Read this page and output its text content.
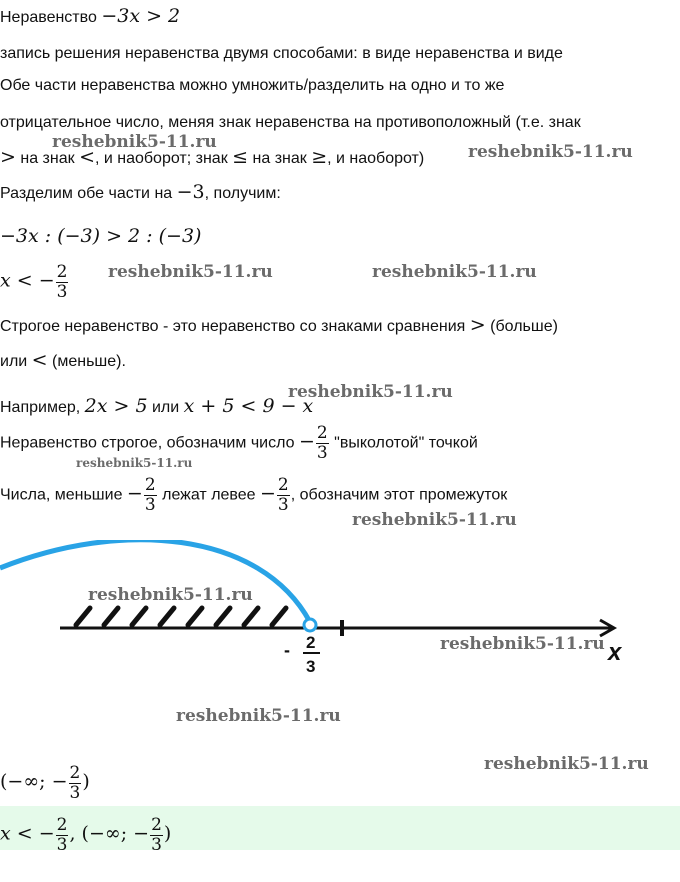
Неравенство −3x > 2
запись решения неравенства двумя способами: в виде неравенства и виде
Обе части неравенства можно умножить/разделить на одно и то же
отрицательное число, меняя знак неравенства на противоположный (т.е. знак
> на знак <, и наоборот; знак ≤ на знак ≥, и наоборот)
Разделим обе части на −3, получим:
−3x : (−3) > 2 : (−3)
x < − $\frac{2}{3}$
Строгое неравенство - это неравенство со знаками сравнения > (больше)
или < (меньше).
Например, 2x > 5 или x + 5 < 9 − x
Неравенство строгое, обозначим число − $\frac{2}{3}$ "выколотой" точкой
Числа, меньшие − $\frac{2}{3}$ лежат левее − $\frac{2}{3}$ , обозначим этот промежуток
x
- 2
3
(−∞; − $\frac{2}{3}$ )
x < − $\frac{2}{3}$ , (−∞; − $\frac{2}{3}$ )
reshebnik5-11.ru	reshebnik5-11.ru
reshebnik5-11.ru	reshebnik5-11.ru
reshebnik5-11.ru
reshebnik5-11.ru
reshebnik5-11.ru
reshebnik5-11.ru
reshebnik5-11.ru
reshebnik5-11.ru
reshebnik5-11.ru
